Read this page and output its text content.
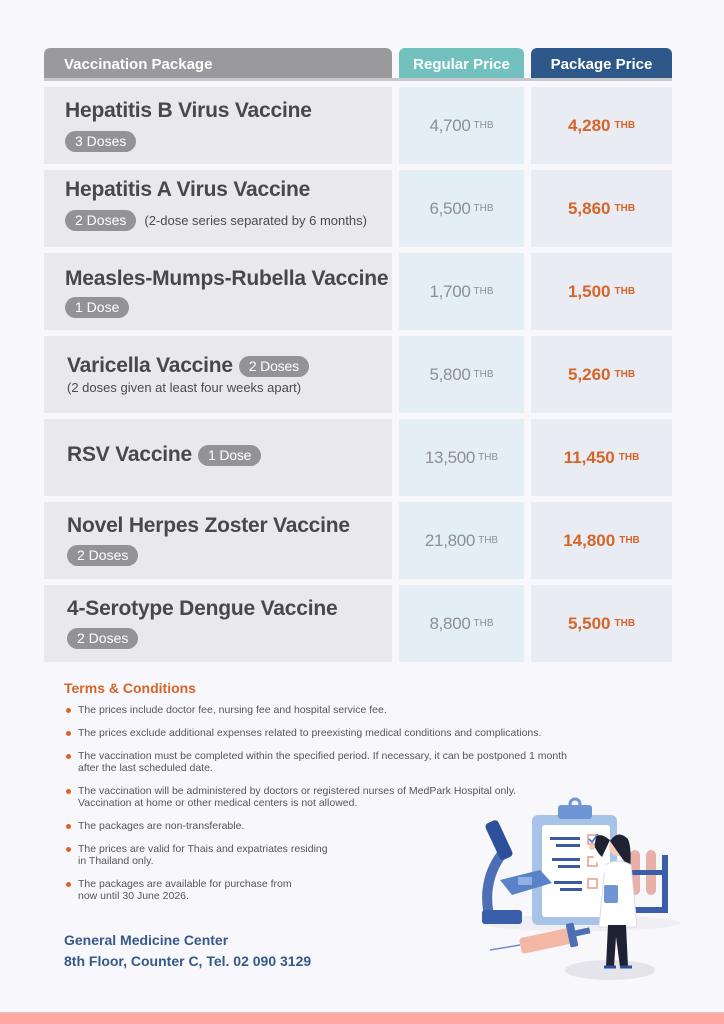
Vaccination Package	Regular Price	Package Price
Hepatitis B Virus Vaccine
3 Doses
4,700 THB	4,280 THB
Hepatitis A Virus Vaccine
2 Doses	(2-dose series separated by 6 months)
6,500 THB	5,860 THB
Measles-Mumps-Rubella Vaccine
1 Dose
1,700 THB	1,500 THB
Varicella Vaccine	2 Doses
(2 doses given at least four weeks apart)
5,800 THB	5,260 THB
RSV Vaccine	1 Dose	13,500 THB	11,450 THB
Novel Herpes Zoster Vaccine
2 Doses
21,800 THB	14,800 THB
4-Serotype Dengue Vaccine
2 Doses
8,800 THB	5,500 THB
Terms & Conditions
The prices include doctor fee, nursing fee and hospital service fee.
The prices exclude additional expenses related to preexisting medical conditions and complications.
The vaccination must be completed within the specified period. If necessary, it can be postponed 1 month after the last scheduled date.
The vaccination will be administered by doctors or registered nurses of MedPark Hospital only. Vaccination at home or other medical centers is not allowed.
The packages are non-transferable.
The prices are valid for Thais and expatriates residing in Thailand only.
The packages are available for purchase from now until 30 June 2026.
General Medicine Center
8th Floor, Counter C, Tel. 02 090 3129
